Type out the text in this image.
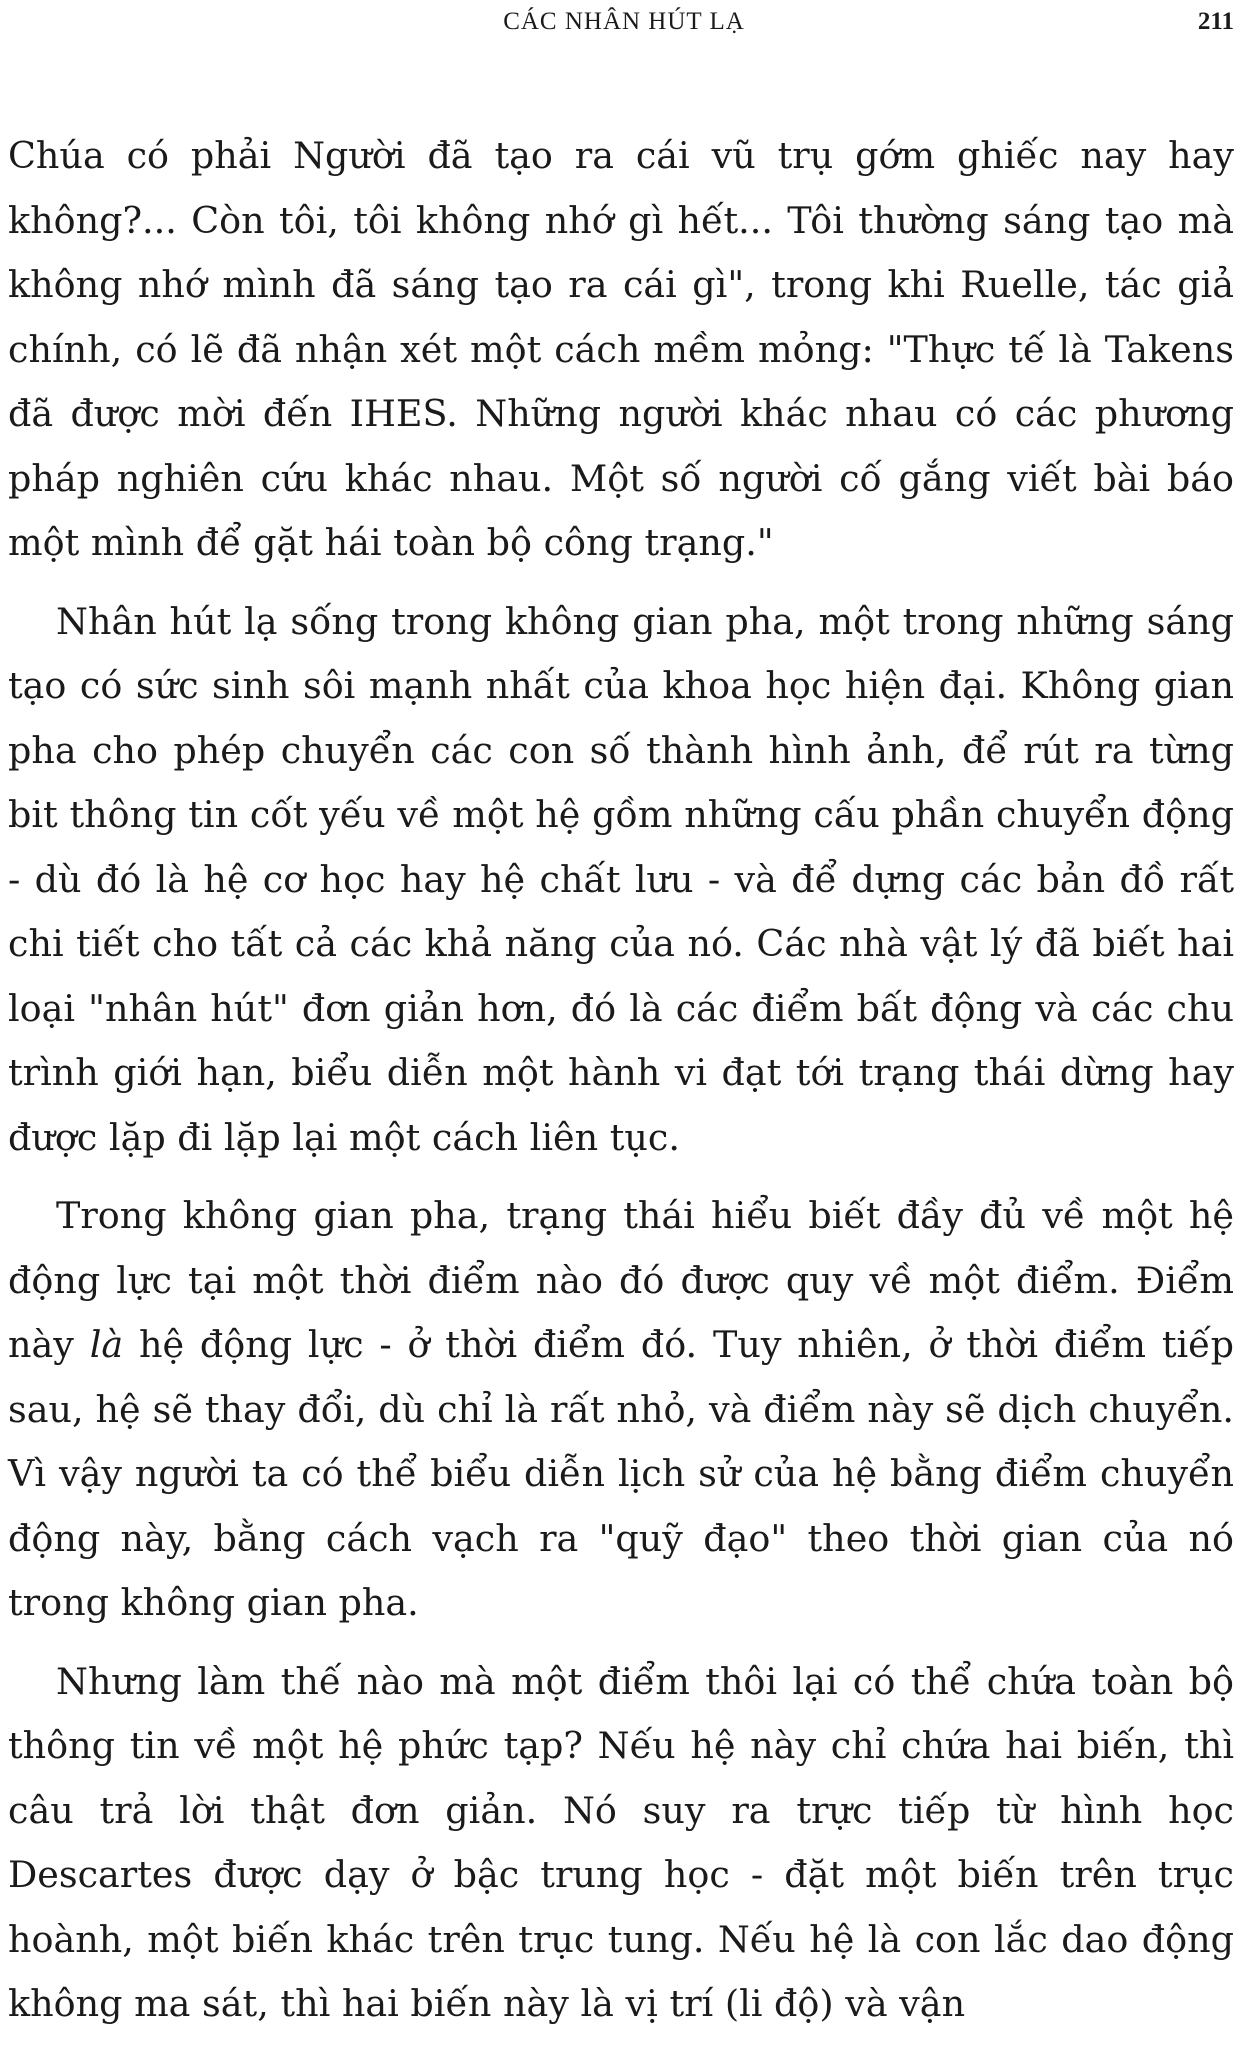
CÁC NHÂN HÚT LẠ	211

Chúa có phải Người đã tạo ra cái vũ trụ gớm ghiếc nay hay không?... Còn tôi, tôi không nhớ gì hết... Tôi thường sáng tạo mà không nhớ mình đã sáng tạo ra cái gì", trong khi Ruelle, tác giả chính, có lẽ đã nhận xét một cách mềm mỏng: "Thực tế là Takens đã được mời đến IHES. Những người khác nhau có các phương pháp nghiên cứu khác nhau. Một số người cố gắng viết bài báo một mình để gặt hái toàn bộ công trạng."

Nhân hút lạ sống trong không gian pha, một trong những sáng tạo có sức sinh sôi mạnh nhất của khoa học hiện đại. Không gian pha cho phép chuyển các con số thành hình ảnh, để rút ra từng bit thông tin cốt yếu về một hệ gồm những cấu phần chuyển động - dù đó là hệ cơ học hay hệ chất lưu - và để dựng các bản đồ rất chi tiết cho tất cả các khả năng của nó. Các nhà vật lý đã biết hai loại "nhân hút" đơn giản hơn, đó là các điểm bất động và các chu trình giới hạn, biểu diễn một hành vi đạt tới trạng thái dừng hay được lặp đi lặp lại một cách liên tục.

Trong không gian pha, trạng thái hiểu biết đầy đủ về một hệ động lực tại một thời điểm nào đó được quy về một điểm. Điểm này là hệ động lực - ở thời điểm đó. Tuy nhiên, ở thời điểm tiếp sau, hệ sẽ thay đổi, dù chỉ là rất nhỏ, và điểm này sẽ dịch chuyển. Vì vậy người ta có thể biểu diễn lịch sử của hệ bằng điểm chuyển động này, bằng cách vạch ra "quỹ đạo" theo thời gian của nó trong không gian pha.

Nhưng làm thế nào mà một điểm thôi lại có thể chứa toàn bộ thông tin về một hệ phức tạp? Nếu hệ này chỉ chứa hai biến, thì câu trả lời thật đơn giản. Nó suy ra trực tiếp từ hình học Descartes được dạy ở bậc trung học - đặt một biến trên trục hoành, một biến khác trên trục tung. Nếu hệ là con lắc dao động không ma sát, thì hai biến này là vị trí (li độ) và vận
